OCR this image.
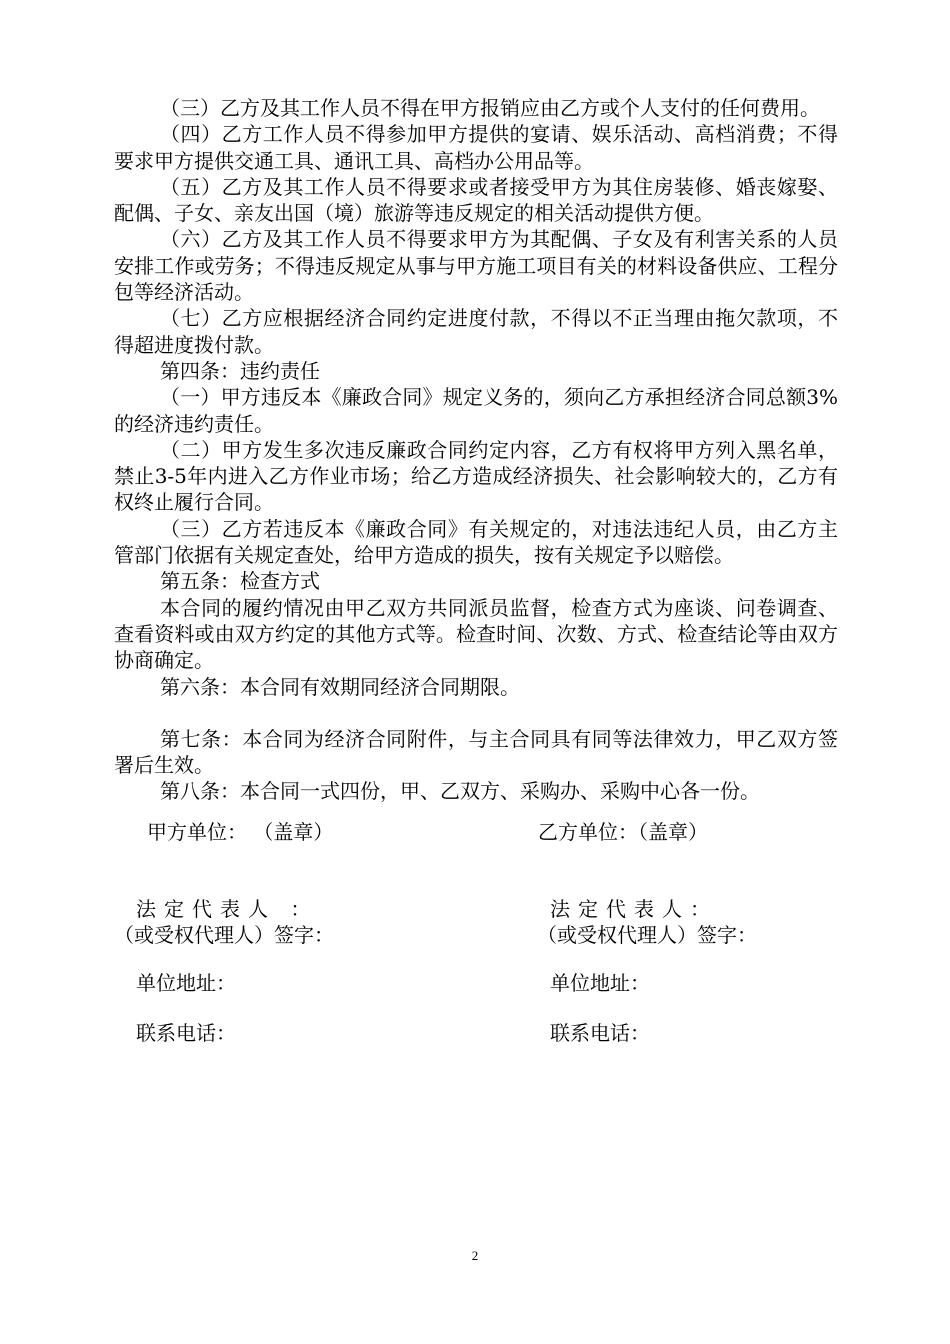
（三）乙方及其工作人员不得在甲方报销应由乙方或个人支付的任何费用。

（四）乙方工作人员不得参加甲方提供的宴请、娱乐活动、高档消费；不得要求甲方提供交通工具、通讯工具、高档办公用品等。

（五）乙方及其工作人员不得要求或者接受甲方为其住房装修、婚丧嫁娶、配偶、子女、亲友出国（境）旅游等违反规定的相关活动提供方便。

（六）乙方及其工作人员不得要求甲方为其配偶、子女及有利害关系的人员安排工作或劳务；不得违反规定从事与甲方施工项目有关的材料设备供应、工程分包等经济活动。

（七）乙方应根据经济合同约定进度付款，不得以不正当理由拖欠款项，不得超进度拨付款。

第四条：违约责任

（一）甲方违反本《廉政合同》规定义务的，须向乙方承担经济合同总额3%的经济违约责任。

（二）甲方发生多次违反廉政合同约定内容，乙方有权将甲方列入黑名单，禁止3-5年内进入乙方作业市场；给乙方造成经济损失、社会影响较大的，乙方有权终止履行合同。

（三）乙方若违反本《廉政合同》有关规定的，对违法违纪人员，由乙方主管部门依据有关规定查处，给甲方造成的损失，按有关规定予以赔偿。

第五条：检查方式

本合同的履约情况由甲乙双方共同派员监督，检查方式为座谈、问卷调查、查看资料或由双方约定的其他方式等。检查时间、次数、方式、检查结论等由双方协商确定。

第六条：本合同有效期同经济合同期限。

第七条：本合同为经济合同附件，与主合同具有同等法律效力，甲乙双方签署后生效。

第八条：本合同一式四份，甲、乙双方、采购办、采购中心各一份。

甲方单位： （盖章）
法定代表人 ：
（或受权代理人）签字：
单位地址：
联系电话：
乙方单位：（盖章）
法定代表人：
（或受权代理人）签字：
单位地址：
联系电话：
2
